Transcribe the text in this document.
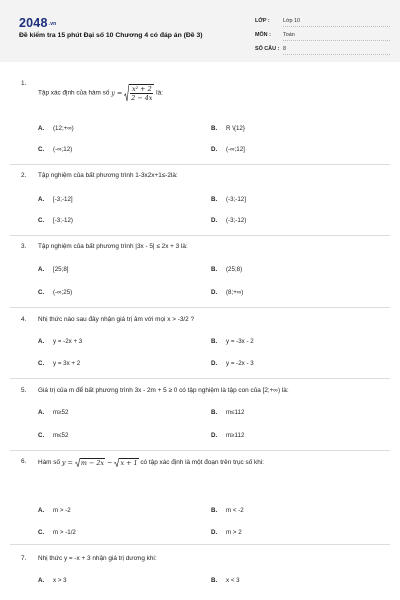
2048.vn
Đề kiểm tra 15 phút Đại số 10 Chương 4 có đáp án (Đề 3)
LỚP : Lớp 10
MÔN : Toán
SỐ CÂU : 8
1.
Tập xác định của hàm số $y = \frac{\text{x² + 2}}{2 - 4x}$ là:
A. (12;+∞)	B. R \{12}
C. (-∞;12)	D. (-∞;12]
2. Tập nghiệm của bất phương trình 1-3x2x+1≤-2là:
A. [-3;-12]	B. (-3;-12]
C. [-3;-12)	D. (-3;-12)
3. Tập nghiệm của bất phương trình |3x - 5| ≤ 2x + 3 là:
A. [25;8]	B. (25;8)
C. (-∞;25)	D. (8;+∞)
4. Nhị thức nào sau đây nhận giá trị âm với mọi x > -3/2 ?
A. y = -2x + 3	B. y = -3x - 2
C. y = 3x + 2	D. y = -2x - 3
5. Giá trị của m để bất phương trình 3x - 2m + 5 ≥ 0 có tập nghiệm là tập con của [2;+∞) là:
A. m≥52	B. m≤112
C. m≤52	D. m≥112
6. Hàm số y = m − 2x − x + 1 có tập xác định là một đoạn trên trục số khi:
A. m > -2	B. m < -2
C. m > -1/2	D. m > 2
7. Nhị thức y = -x + 3 nhận giá trị dương khi:
A. x > 3	B. x < 3
